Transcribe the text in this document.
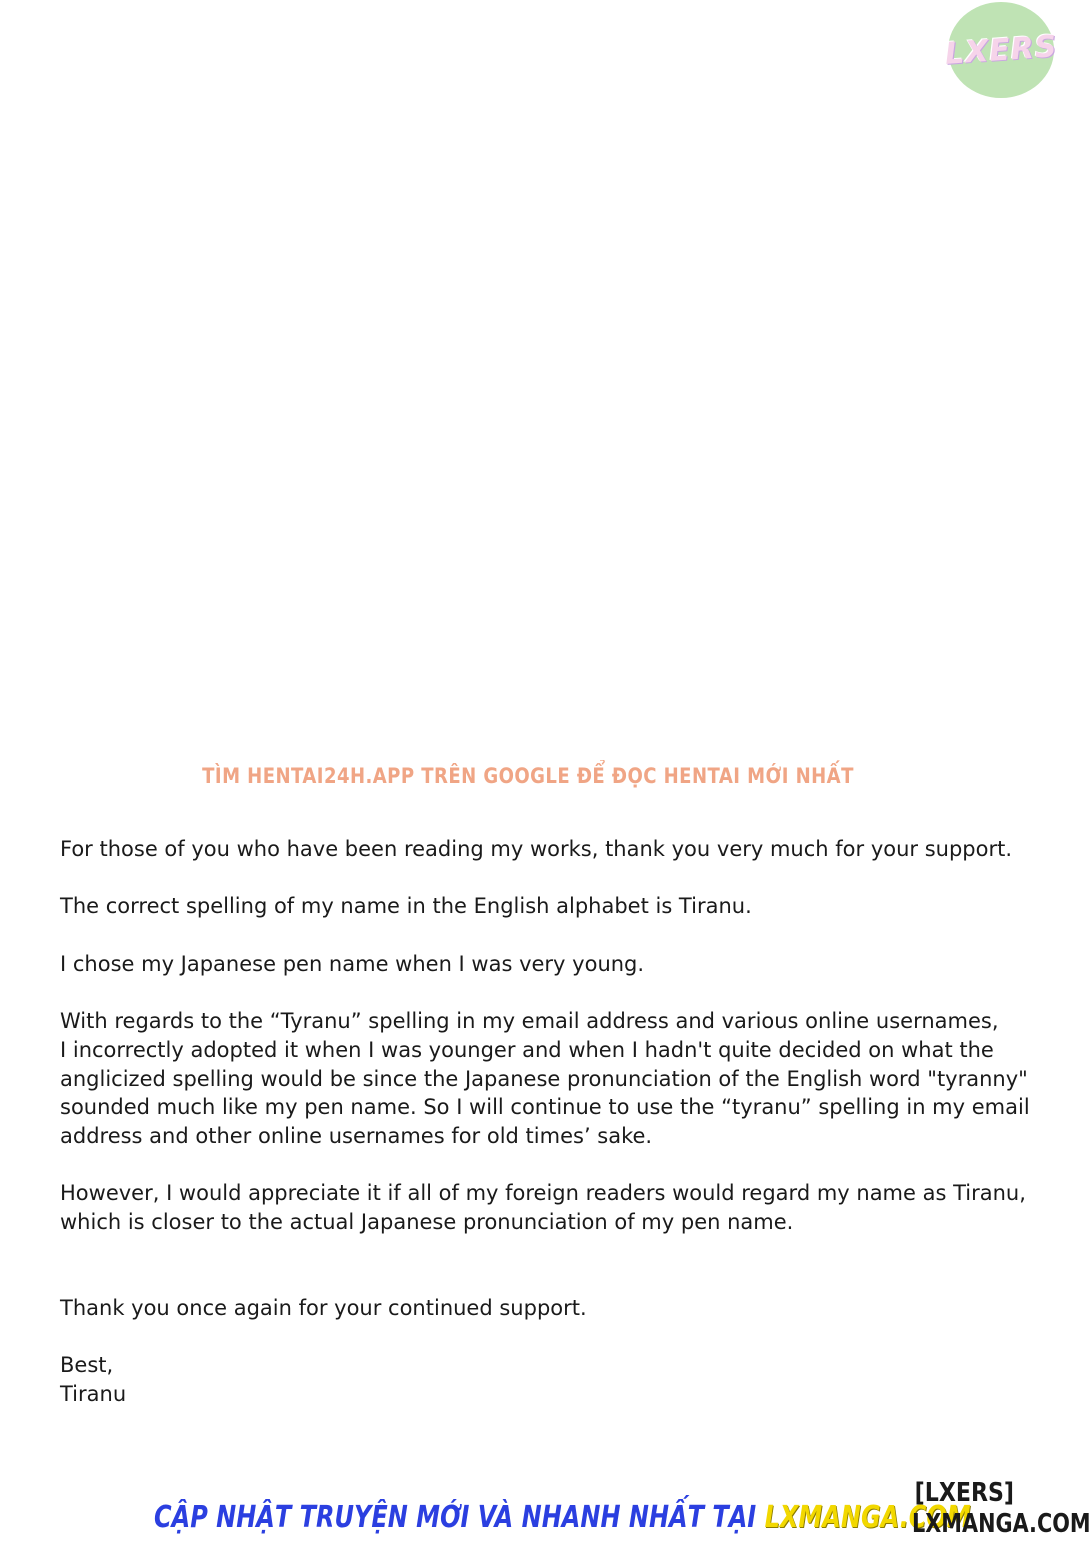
LXERS
TÌM HENTAI24H.APP TRÊN GOOGLE ĐỂ ĐỌC HENTAI MỚI NHẤT

For those of you who have been reading my works, thank you very much for your support.

The correct spelling of my name in the English alphabet is Tiranu.

I chose my Japanese pen name when I was very young.

With regards to the “Tyranu” spelling in my email address and various online usernames,

I incorrectly adopted it when I was younger and when I hadn't quite decided on what the

anglicized spelling would be since the Japanese pronunciation of the English word "tyranny"

sounded much like my pen name. So I will continue to use the “tyranu” spelling in my email

address and other online usernames for old times’ sake.

However, I would appreciate it if all of my foreign readers would regard my name as Tiranu,

which is closer to the actual Japanese pronunciation of my pen name.

Thank you once again for your continued support.

Best,

Tiranu

CẬP NHẬT TRUYỆN MỚI VÀ NHANH NHẤT TẠI LXMANGA.COM
[LXERS]
LXMANGA.COM
